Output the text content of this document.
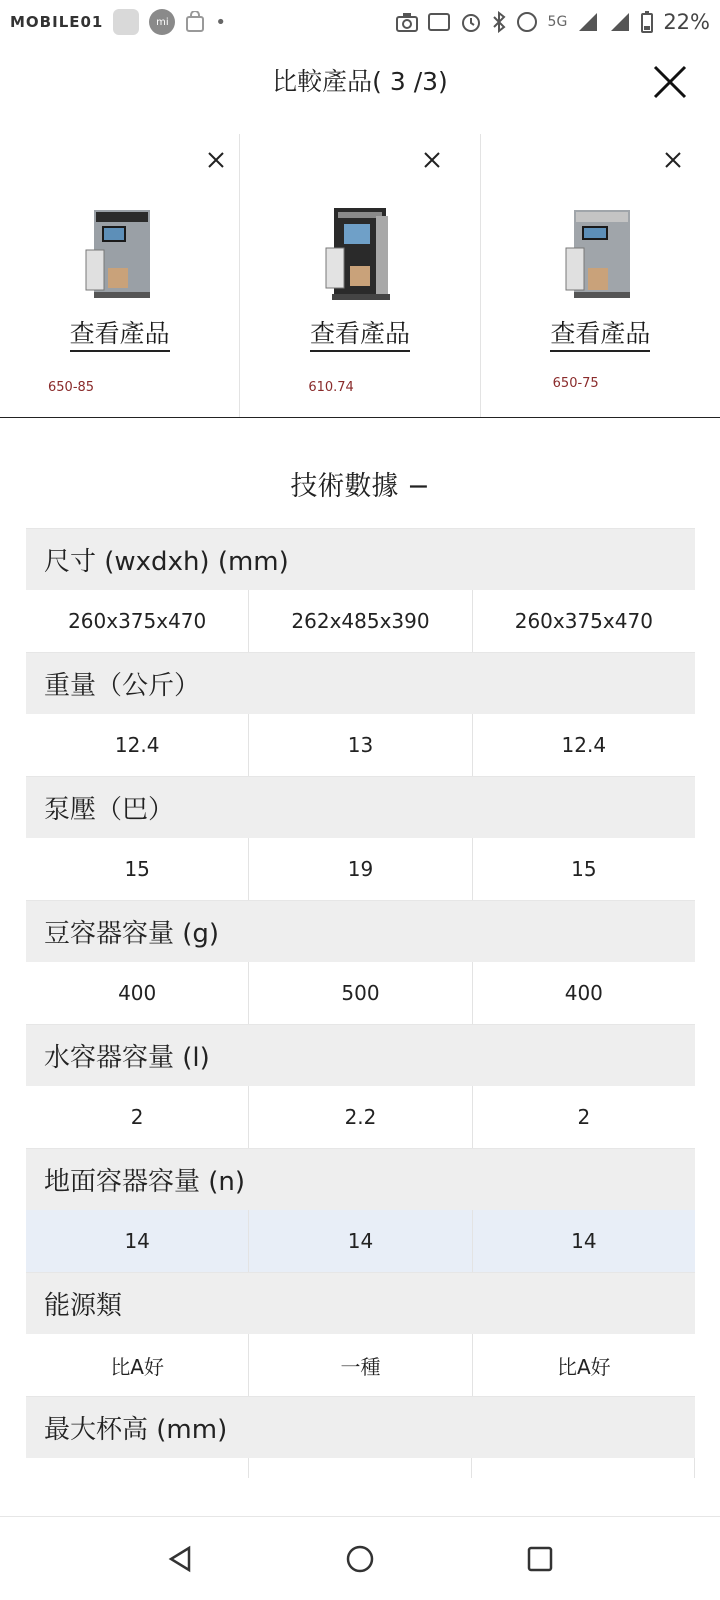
MOBILE01	mi	•	5G	22%
比較產品( 3 /3)
查看產品
650-85
查看產品
610.74
查看產品
650-75
技術數據 −
尺寸 (wxdxh) (mm)
260x375x470	262x485x390	260x375x470
重量（公斤）
12.4	13	12.4
泵壓（巴）
15	19	15
豆容器容量 (g)
400	500	400
水容器容量 (l)
2	2.2	2
地面容器容量 (n)
14	14	14
能源類
比A好	一種	比A好
最大杯高 (mm)
